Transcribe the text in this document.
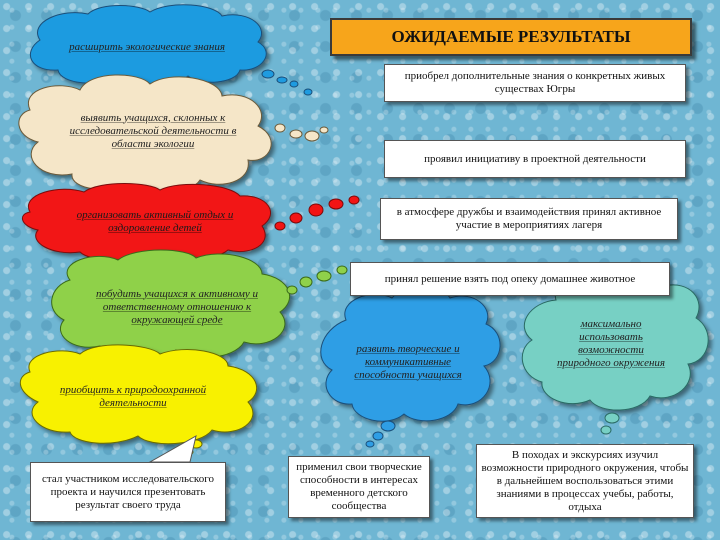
ОЖИДАЕМЫЕ РЕЗУЛЬТАТЫ
расширить экологические знания
выявить учащихся, склонных к исследовательской деятельности в области экологии
организовать активный отдых и оздоровление детей
побудить учащихся к активному и ответственному отношению к окружающей среде
приобщить к природоохранной деятельности
развить творческие и коммуникативные способности учащихся
максимально использовать возможности природного окружения
приобрел дополнительные знания о конкретных живых существах Югры
проявил инициативу в проектной деятельности
в атмосфере дружбы и взаимодействия принял активное участие в мероприятиях лагеря
принял решение взять под опеку домашнее животное
стал участником исследовательского проекта и научился презентовать результат своего труда
применил свои творческие способности в интересах временного детского сообщества
В походах и экскурсиях изучил возможности природного окружения, чтобы в дальнейшем воспользоваться этими знаниями в процессах учебы, работы, отдыха
